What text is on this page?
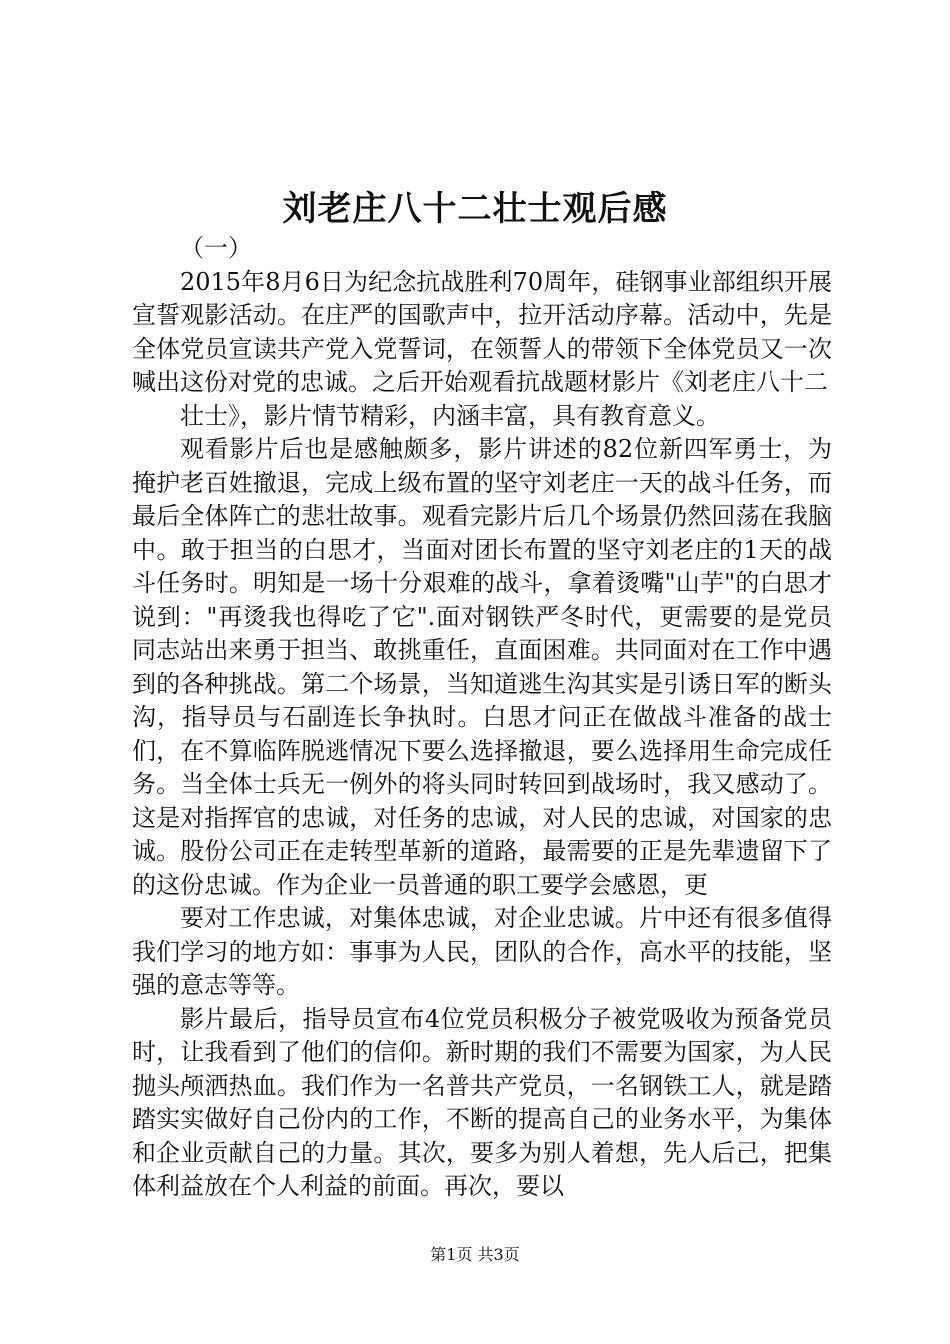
刘老庄八十二壮士观后感

（一）

2015年8月6日为纪念抗战胜利70周年，硅钢事业部组织开展宣誓观影活动。在庄严的国歌声中，拉开活动序幕。活动中，先是全体党员宣读共产党入党誓词，在领誓人的带领下全体党员又一次喊出这份对党的忠诚。之后开始观看抗战题材影片《刘老庄八十二

壮士》，影片情节精彩，内涵丰富，具有教育意义。

观看影片后也是感触颇多，影片讲述的82位新四军勇士，为掩护老百姓撤退，完成上级布置的坚守刘老庄一天的战斗任务，而最后全体阵亡的悲壮故事。观看完影片后几个场景仍然回荡在我脑中。敢于担当的白思才，当面对团长布置的坚守刘老庄的1天的战斗任务时。明知是一场十分艰难的战斗，拿着烫嘴"山芋"的白思才说到："再烫我也得吃了它".面对钢铁严冬时代，更需要的是党员同志站出来勇于担当、敢挑重任，直面困难。共同面对在工作中遇到的各种挑战。第二个场景，当知道逃生沟其实是引诱日军的断头沟，指导员与石副连长争执时。白思才问正在做战斗准备的战士们，在不算临阵脱逃情况下要么选择撤退，要么选择用生命完成任务。当全体士兵无一例外的将头同时转回到战场时，我又感动了。这是对指挥官的忠诚，对任务的忠诚，对人民的忠诚，对国家的忠诚。股份公司正在走转型革新的道路，最需要的正是先辈遗留下了的这份忠诚。作为企业一员普通的职工要学会感恩，更

要对工作忠诚，对集体忠诚，对企业忠诚。片中还有很多值得我们学习的地方如：事事为人民，团队的合作，高水平的技能，坚强的意志等等。

影片最后，指导员宣布4位党员积极分子被党吸收为预备党员时，让我看到了他们的信仰。新时期的我们不需要为国家，为人民抛头颅洒热血。我们作为一名普共产党员，一名钢铁工人，就是踏踏实实做好自己份内的工作，不断的提高自己的业务水平，为集体和企业贡献自己的力量。其次，要多为别人着想，先人后己，把集体利益放在个人利益的前面。再次，要以

第1页 共3页
